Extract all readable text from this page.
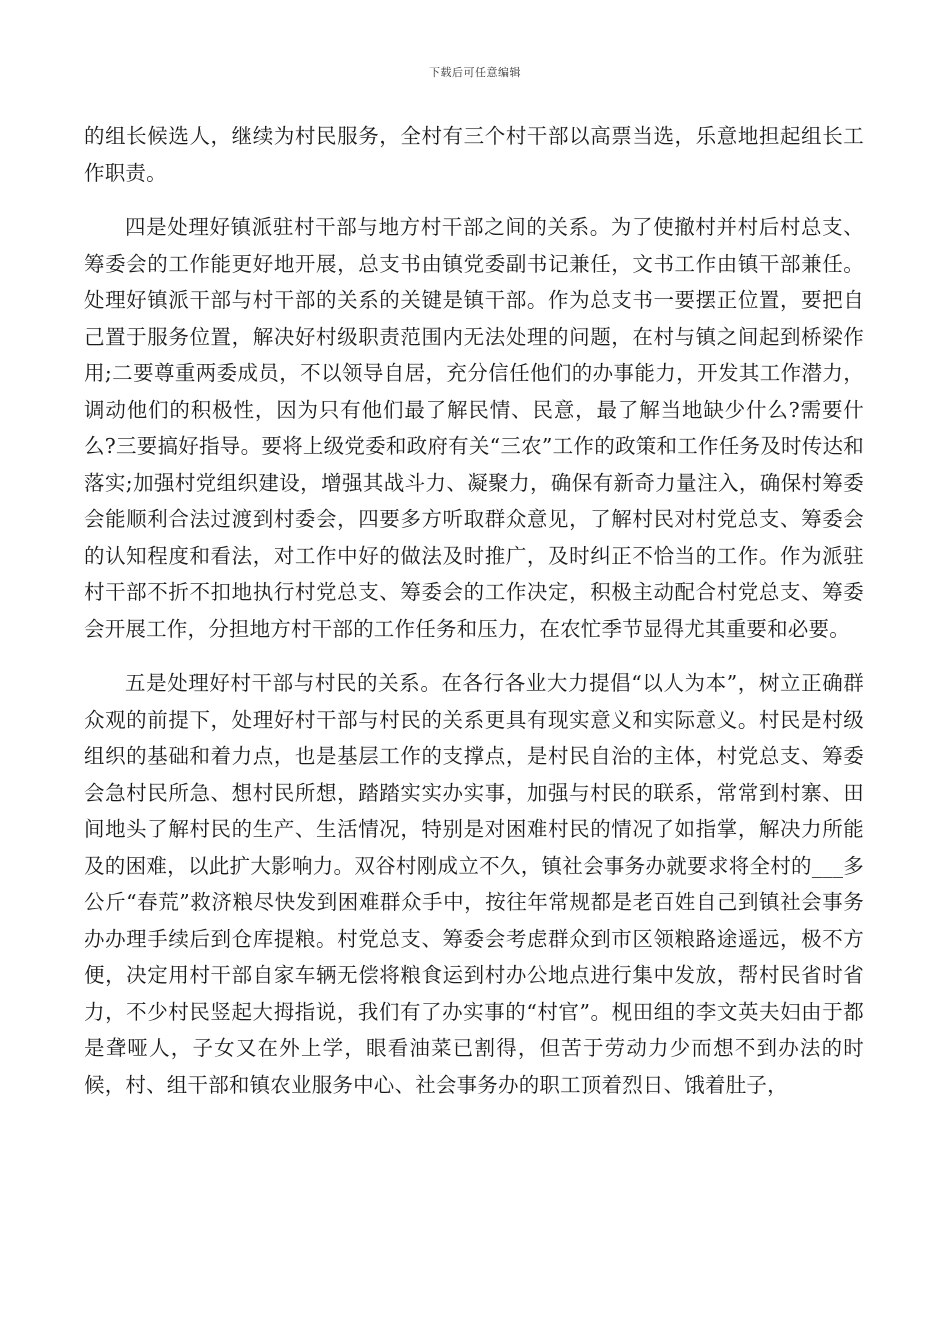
下载后可任意编辑

的组长候选人，继续为村民服务，全村有三个村干部以高票当选，乐意地担起组长工作职责。

四是处理好镇派驻村干部与地方村干部之间的关系。为了使撤村并村后村总支、筹委会的工作能更好地开展，总支书由镇党委副书记兼任，文书工作由镇干部兼任。处理好镇派干部与村干部的关系的关键是镇干部。作为总支书一要摆正位置，要把自己置于服务位置，解决好村级职责范围内无法处理的问题，在村与镇之间起到桥梁作用;二要尊重两委成员，不以领导自居，充分信任他们的办事能力，开发其工作潜力，调动他们的积极性，因为只有他们最了解民情、民意，最了解当地缺少什么?需要什么?三要搞好指导。要将上级党委和政府有关“三农”工作的政策和工作任务及时传达和落实;加强村党组织建设，增强其战斗力、凝聚力，确保有新奇力量注入，确保村筹委会能顺利合法过渡到村委会，四要多方听取群众意见，了解村民对村党总支、筹委会的认知程度和看法，对工作中好的做法及时推广，及时纠正不恰当的工作。作为派驻村干部不折不扣地执行村党总支、筹委会的工作决定，积极主动配合村党总支、筹委会开展工作，分担地方村干部的工作任务和压力，在农忙季节显得尤其重要和必要。

五是处理好村干部与村民的关系。在各行各业大力提倡“以人为本”，树立正确群众观的前提下，处理好村干部与村民的关系更具有现实意义和实际意义。村民是村级组织的基础和着力点，也是基层工作的支撑点，是村民自治的主体，村党总支、筹委会急村民所急、想村民所想，踏踏实实办实事，加强与村民的联系，常常到村寨、田间地头了解村民的生产、生活情况，特别是对困难村民的情况了如指掌，解决力所能及的困难，以此扩大影响力。双谷村刚成立不久，镇社会事务办就要求将全村的___多公斤“春荒”救济粮尽快发到困难群众手中，按往年常规都是老百姓自己到镇社会事务办办理手续后到仓库提粮。村党总支、筹委会考虑群众到市区领粮路途遥远，极不方便，决定用村干部自家车辆无偿将粮食运到村办公地点进行集中发放，帮村民省时省力，不少村民竖起大拇指说，我们有了办实事的“村官”。枧田组的李文英夫妇由于都是聋哑人，子女又在外上学，眼看油菜已割得，但苦于劳动力少而想不到办法的时候，村、组干部和镇农业服务中心、社会事务办的职工顶着烈日、饿着肚子，
